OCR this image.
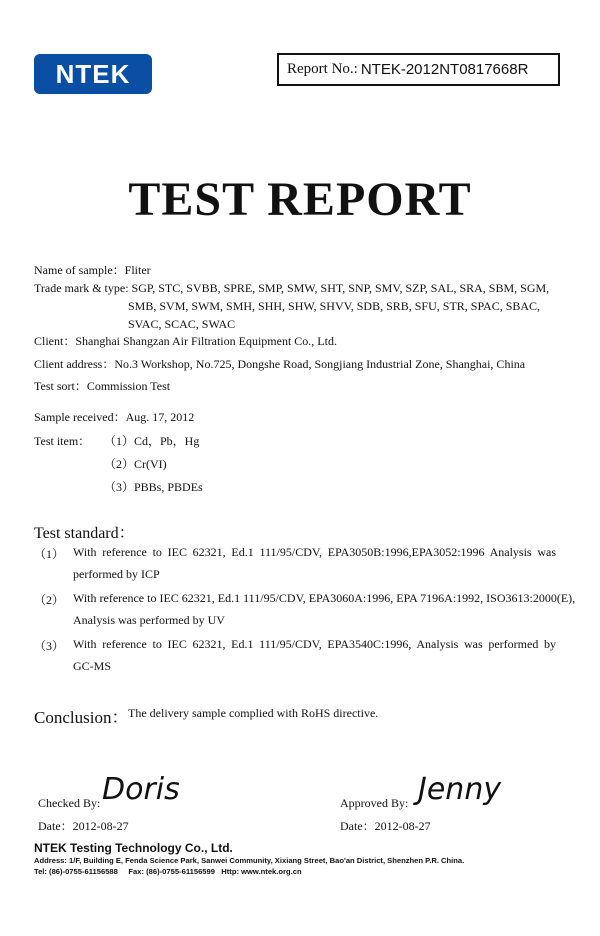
NTEK	Report No.: NTEK-2012NT0817668R
TEST REPORT
Name of sample：Fliter
Trade mark & type: SGP, STC, SVBB, SPRE, SMP, SMW, SHT, SNP, SMV, SZP, SAL, SRA, SBM, SGM,
SMB, SVM, SWM, SMH, SHH, SHW, SHVV, SDB, SRB, SFU, STR, SPAC, SBAC,
SVAC, SCAC, SWAC
Client：Shanghai Shangzan Air Filtration Equipment Co., Ltd.
Client address：No.3 Workshop, No.725, Dongshe Road, Songjiang Industrial Zone, Shanghai, China
Test sort：Commission Test
Sample received：Aug. 17, 2012
Test item： （1）Cd，Pb，Hg
（2）Cr(VI)
（3）PBBs, PBDEs
Test standard：
（1） With reference to IEC 62321, Ed.1 111/95/CDV, EPA3050B:1996,EPA3052:1996 Analysis was
performed by ICP
（2） With reference to IEC 62321, Ed.1 111/95/CDV, EPA3060A:1996, EPA 7196A:1992, ISO3613:2000(E),
Analysis was performed by UV
（3） With reference to IEC 62321, Ed.1 111/95/CDV, EPA3540C:1996, Analysis was performed by
GC-MS
Conclusion： The delivery sample complied with RoHS directive.
Checked By: Doris
Date：2012-08-27
Approved By: Jenny
Date：2012-08-27
NTEK Testing Technology Co., Ltd.
Address: 1/F, Building E, Fenda Science Park, Sanwei Community, Xixiang Street, Bao'an District, Shenzhen P.R. China.
Tel: (86)-0755-61156588     Fax: (86)-0755-61156599   Http: www.ntek.org.cn
